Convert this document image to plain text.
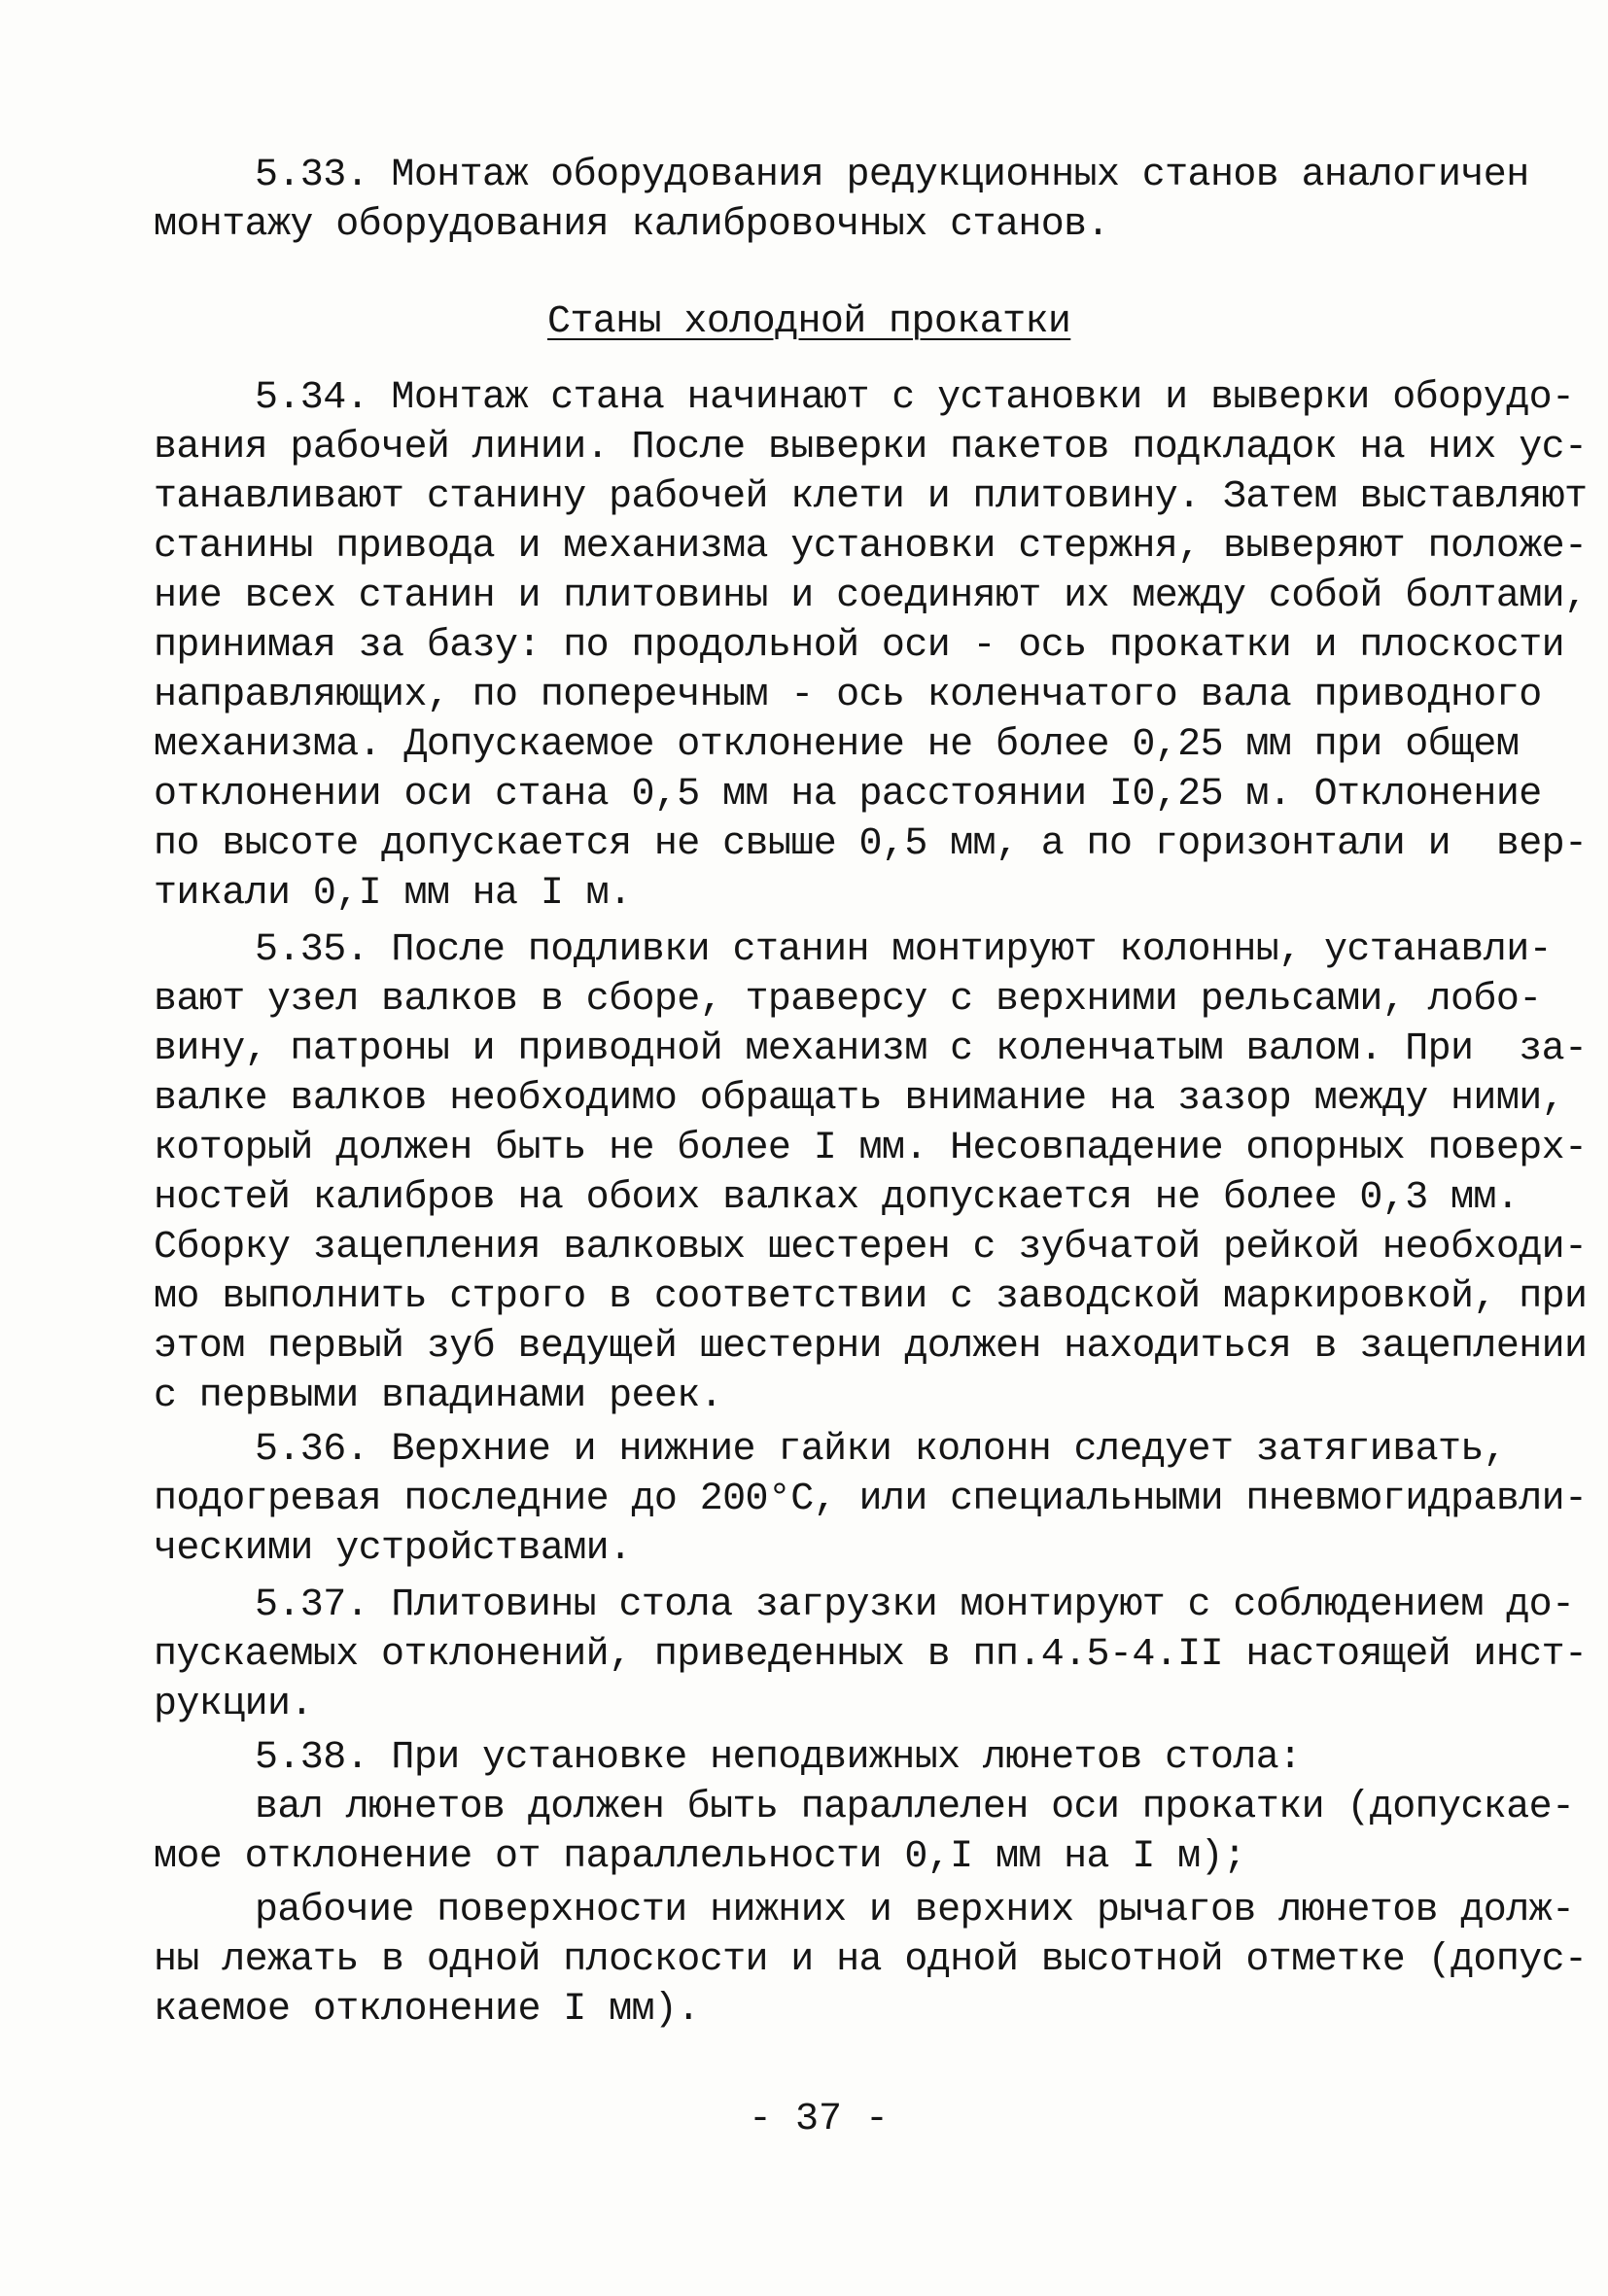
5.33. Монтаж оборудования редукционных станов аналогичен
монтажу оборудования калибровочных станов.
Станы холодной прокатки
5.34. Монтаж стана начинают с установки и выверки оборудо-
вания рабочей линии. После выверки пакетов подкладок на них ус-
танавливают станину рабочей клети и плитовину. Затем выставляют
станины привода и механизма установки стержня, выверяют положе-
ние всех станин и плитовины и соединяют их между собой болтами,
принимая за базу: по продольной оси - ось прокатки и плоскости
направляющих, по поперечным - ось коленчатого вала приводного
механизма. Допускаемое отклонение не более 0,25 мм при общем
отклонении оси стана 0,5 мм на расстоянии I0,25 м. Отклонение
по высоте допускается не свыше 0,5 мм, а по горизонтали и  вер-
тикали 0,I мм на I м.
5.35. После подливки станин монтируют колонны, устанавли-
вают узел валков в сборе, траверсу с верхними рельсами, лобо-
вину, патроны и приводной механизм с коленчатым валом. При  за-
валке валков необходимо обращать внимание на зазор между ними,
который должен быть не более I мм. Несовпадение опорных поверх-
ностей калибров на обоих валках допускается не более 0,3 мм.
Сборку зацепления валковых шестерен с зубчатой рейкой необходи-
мо выполнить строго в соответствии с заводской маркировкой, при
этом первый зуб ведущей шестерни должен находиться в зацеплении
с первыми впадинами реек.
5.36. Верхние и нижние гайки колонн следует затягивать,
подогревая последние до 200°C, или специальными пневмогидравли-
ческими устройствами.
5.37. Плитовины стола загрузки монтируют с соблюдением до-
пускаемых отклонений, приведенных в пп.4.5-4.II настоящей инст-
рукции.
5.38. При установке неподвижных люнетов стола:
вал люнетов должен быть параллелен оси прокатки (допускае-
мое отклонение от параллельности 0,I мм на I м);
рабочие поверхности нижних и верхних рычагов люнетов долж-
ны лежать в одной плоскости и на одной высотной отметке (допус-
каемое отклонение I мм).
- 37 -
